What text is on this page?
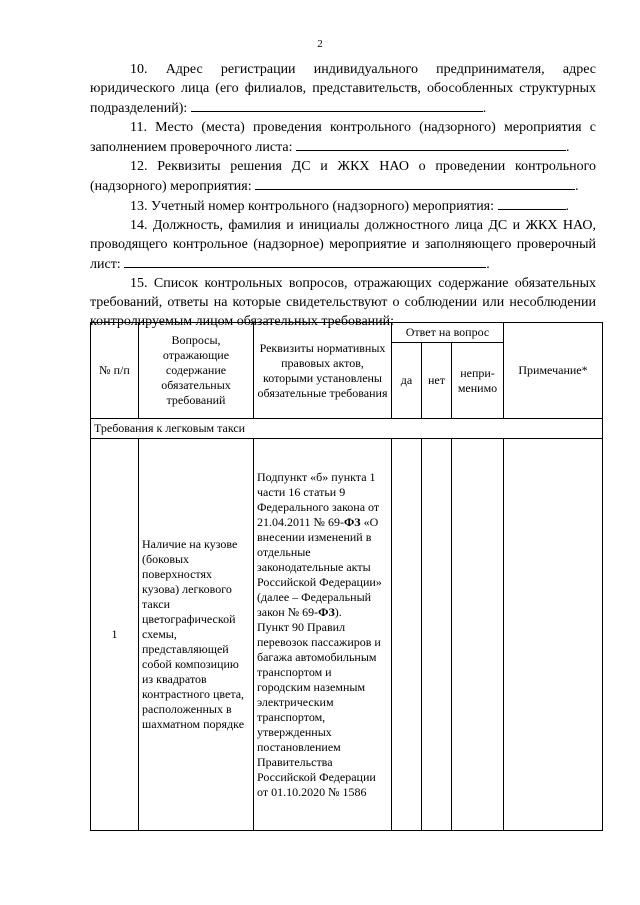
2

10. Адрес регистрации индивидуального предпринимателя, адрес юридического лица (его филиалов, представительств, обособленных структурных подразделений):	.

11. Место (места) проведения контрольного (надзорного) мероприятия с заполнением проверочного листа:	.

12. Реквизиты решения ДС и ЖКХ НАО о проведении контрольного (надзорного) мероприятия:	.

13. Учетный номер контрольного (надзорного) мероприятия:	.

14. Должность, фамилия и инициалы должностного лица ДС и ЖКХ НАО, проводящего контрольное (надзорное) мероприятие и заполняющего проверочный лист:	.

15. Список контрольных вопросов, отражающих содержание обязательных требований, ответы на которые свидетельствуют о соблюдении или несоблюдении контролируемым лицом обязательных требований:

№ п/п	Вопросы, отражающие содержание обязательных требований	Реквизиты нормативных правовых актов, которыми установлены обязательные требования	Ответ на вопрос			Примечание*
			да	нет	непри-менимо	
Требования к легковым такси						
1	Наличие на кузове (боковых поверхностях кузова) легкового такси цветографической схемы, представляющей собой композицию из квадратов контрастного цвета, расположенных в шахматном порядке	Подпункт «б» пункта 1 части 16 статьи 9 Федерального закона от 21.04.2011 № 69-ФЗ «О внесении изменений в отдельные законодательные акты Российской Федерации» (далее – Федеральный закон № 69-ФЗ).
Пункт 90 Правил перевозок пассажиров и багажа автомобильным транспортом и городским наземным электрическим транспортом, утвержденных постановлением Правительства Российской Федерации от 01.10.2020 № 1586				
